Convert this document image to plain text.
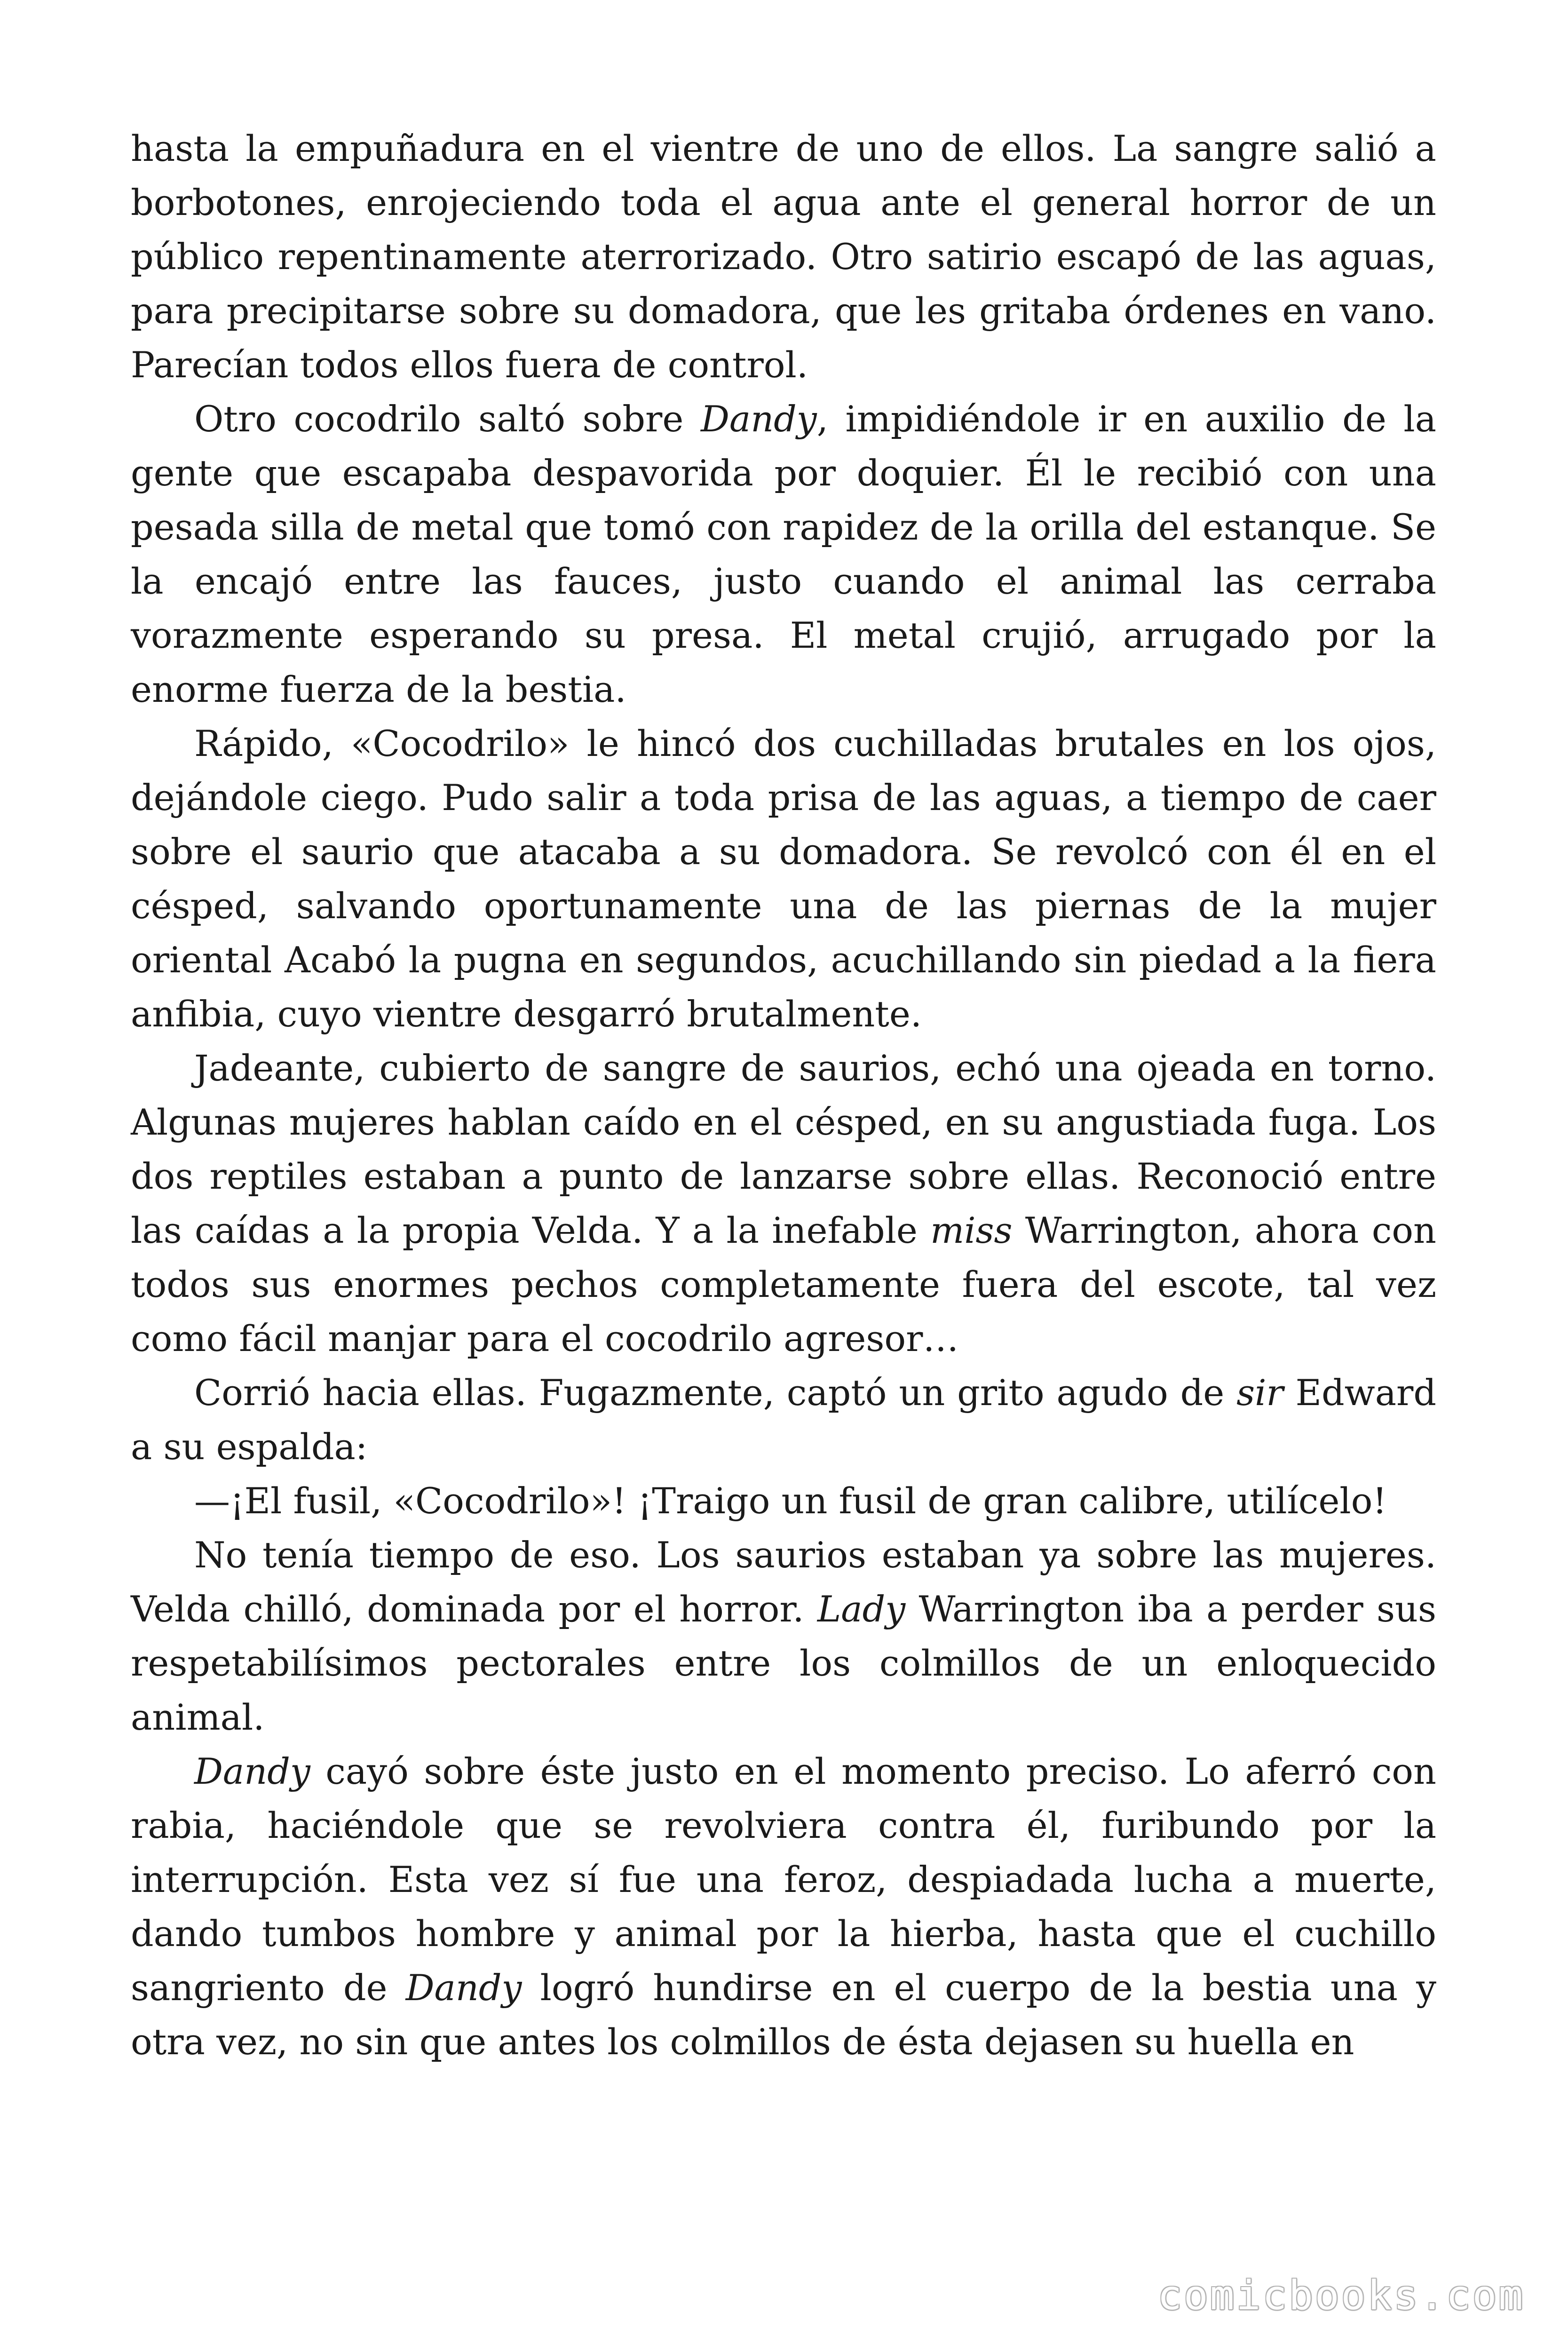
hasta la empuñadura en el vientre de uno de ellos. La sangre salió a borbotones, enrojeciendo toda el agua ante el general horror de un público repentinamente aterrorizado. Otro satirio escapó de las aguas, para precipitarse sobre su domadora, que les gritaba órdenes en vano. Parecían todos ellos fuera de control.

Otro cocodrilo saltó sobre Dandy, impidiéndole ir en auxilio de la gente que escapaba despavorida por doquier. Él le recibió con una pesada silla de metal que tomó con rapidez de la orilla del estanque. Se la encajó entre las fauces, justo cuando el animal las cerraba vorazmente esperando su presa. El metal crujió, arrugado por la enorme fuerza de la bestia.

Rápido, «Cocodrilo» le hincó dos cuchilladas brutales en los ojos, dejándole ciego. Pudo salir a toda prisa de las aguas, a tiempo de caer sobre el saurio que atacaba a su domadora. Se revolcó con él en el césped, salvando oportunamente una de las piernas de la mujer oriental Acabó la pugna en segundos, acuchillando sin piedad a la fiera anfibia, cuyo vientre desgarró brutalmente.

Jadeante, cubierto de sangre de saurios, echó una ojeada en torno. Algunas mujeres hablan caído en el césped, en su angustiada fuga. Los dos reptiles estaban a punto de lanzarse sobre ellas. Reconoció entre las caídas a la propia Velda. Y a la inefable miss Warrington, ahora con todos sus enormes pechos completamente fuera del escote, tal vez como fácil manjar para el cocodrilo agresor…

Corrió hacia ellas. Fugazmente, captó un grito agudo de sir Edward a su espalda:

—¡El fusil, «Cocodrilo»! ¡Traigo un fusil de gran calibre, utilícelo!

No tenía tiempo de eso. Los saurios estaban ya sobre las mujeres. Velda chilló, dominada por el horror. Lady Warrington iba a perder sus respetabilísimos pectorales entre los colmillos de un enloquecido animal.

Dandy cayó sobre éste justo en el momento preciso. Lo aferró con rabia, haciéndole que se revolviera contra él, furibundo por la interrupción. Esta vez sí fue una feroz, despiadada lucha a muerte, dando tumbos hombre y animal por la hierba, hasta que el cuchillo sangriento de Dandy logró hundirse en el cuerpo de la bestia una y otra vez, no sin que antes los colmillos de ésta dejasen su huella en

comicbooks.com
